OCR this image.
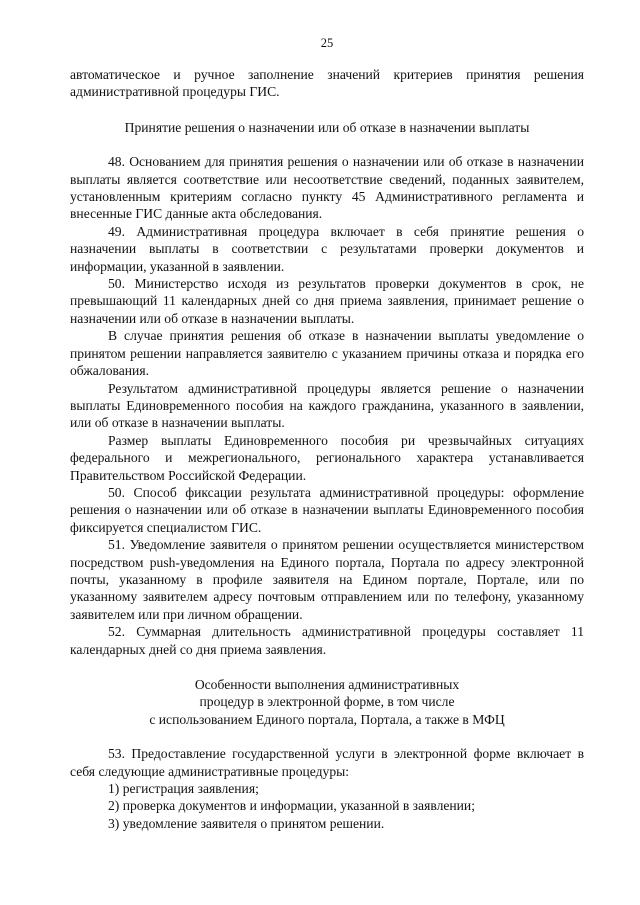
25

автоматическое и ручное заполнение значений критериев принятия решения административной процедуры ГИС.

Принятие решения о назначении или об отказе в назначении выплаты

48. Основанием для принятия решения о назначении или об отказе в назначении выплаты является соответствие или несоответствие сведений, поданных заявителем, установленным критериям согласно пункту 45 Административного регламента и внесенные ГИС данные акта обследования.

49. Административная процедура включает в себя принятие решения о назначении выплаты в соответствии с результатами проверки документов и информации, указанной в заявлении.

50. Министерство исходя из результатов проверки документов в срок, не превышающий 11 календарных дней со дня приема заявления, принимает решение о назначении или об отказе в назначении выплаты.

В случае принятия решения об отказе в назначении выплаты уведомление о принятом решении направляется заявителю с указанием причины отказа и порядка его обжалования.

Результатом административной процедуры является решение о назначении выплаты Единовременного пособия на каждого гражданина, указанного в заявлении, или об отказе в назначении выплаты.

Размер выплаты Единовременного пособия ри чрезвычайных ситуациях федерального и межрегионального, регионального характера устанавливается Правительством Российской Федерации.

50. Способ фиксации результата административной процедуры: оформление решения о назначении или об отказе в назначении выплаты Единовременного пособия фиксируется специалистом ГИС.

51. Уведомление заявителя о принятом решении осуществляется министерством посредством push-уведомления на Единого портала, Портала по адресу электронной почты, указанному в профиле заявителя на Едином портале, Портале, или по указанному заявителем адресу почтовым отправлением или по телефону, указанному заявителем или при личном обращении.

52. Суммарная длительность административной процедуры составляет 11 календарных дней со дня приема заявления.

Особенности выполнения административных

процедур в электронной форме, в том числе

с использованием Единого портала, Портала, а также в МФЦ

53. Предоставление государственной услуги в электронной форме включает в себя следующие административные процедуры:

1) регистрация заявления;

2) проверка документов и информации, указанной в заявлении;

3) уведомление заявителя о принятом решении.
